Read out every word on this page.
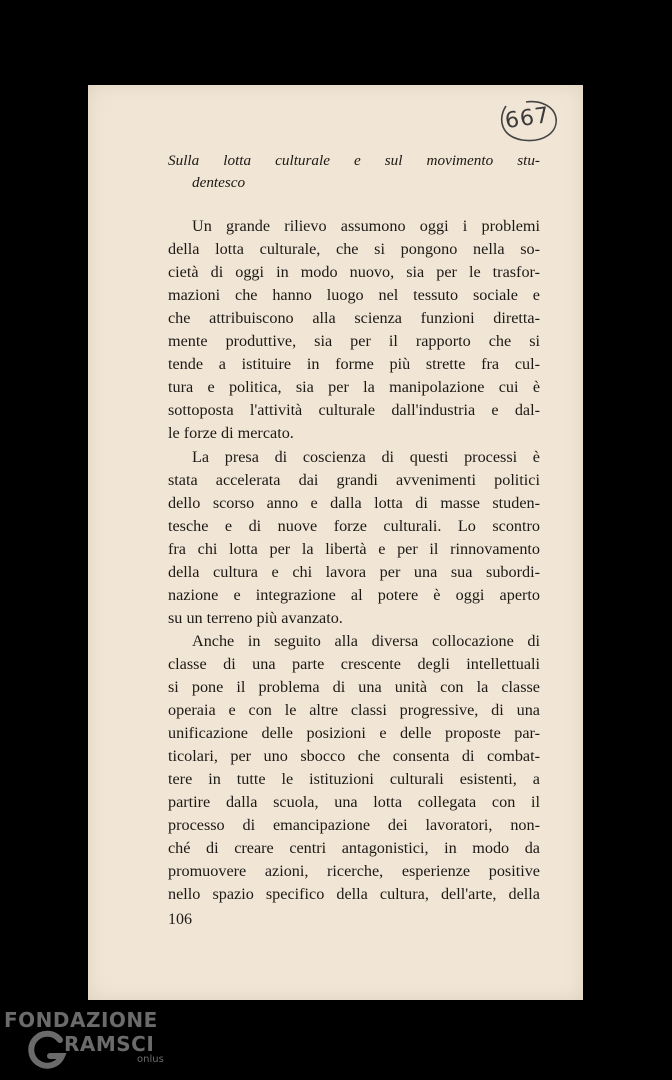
667

Sulla lotta culturale e sul movimento stu-

dentesco

Un grande rilievo assumono oggi i problemi

della lotta culturale, che si pongono nella so-

cietà di oggi in modo nuovo, sia per le trasfor-

mazioni che hanno luogo nel tessuto sociale e

che attribuiscono alla scienza funzioni diretta-

mente produttive, sia per il rapporto che si

tende a istituire in forme più strette fra cul-

tura e politica, sia per la manipolazione cui è

sottoposta l'attività culturale dall'industria e dal-

le forze di mercato.

La presa di coscienza di questi processi è

stata accelerata dai grandi avvenimenti politici

dello scorso anno e dalla lotta di masse studen-

tesche e di nuove forze culturali. Lo scontro

fra chi lotta per la libertà e per il rinnovamento

della cultura e chi lavora per una sua subordi-

nazione e integrazione al potere è oggi aperto

su un terreno più avanzato.

Anche in seguito alla diversa collocazione di

classe di una parte crescente degli intellettuali

si pone il problema di una unità con la classe

operaia e con le altre classi progressive, di una

unificazione delle posizioni e delle proposte par-

ticolari, per uno sbocco che consenta di combat-

tere in tutte le istituzioni culturali esistenti, a

partire dalla scuola, una lotta collegata con il

processo di emancipazione dei lavoratori, non-

ché di creare centri antagonistici, in modo da

promuovere azioni, ricerche, esperienze positive

nello spazio specifico della cultura, dell'arte, della

106

FONDAZIONE
RAMSCI
onlus
